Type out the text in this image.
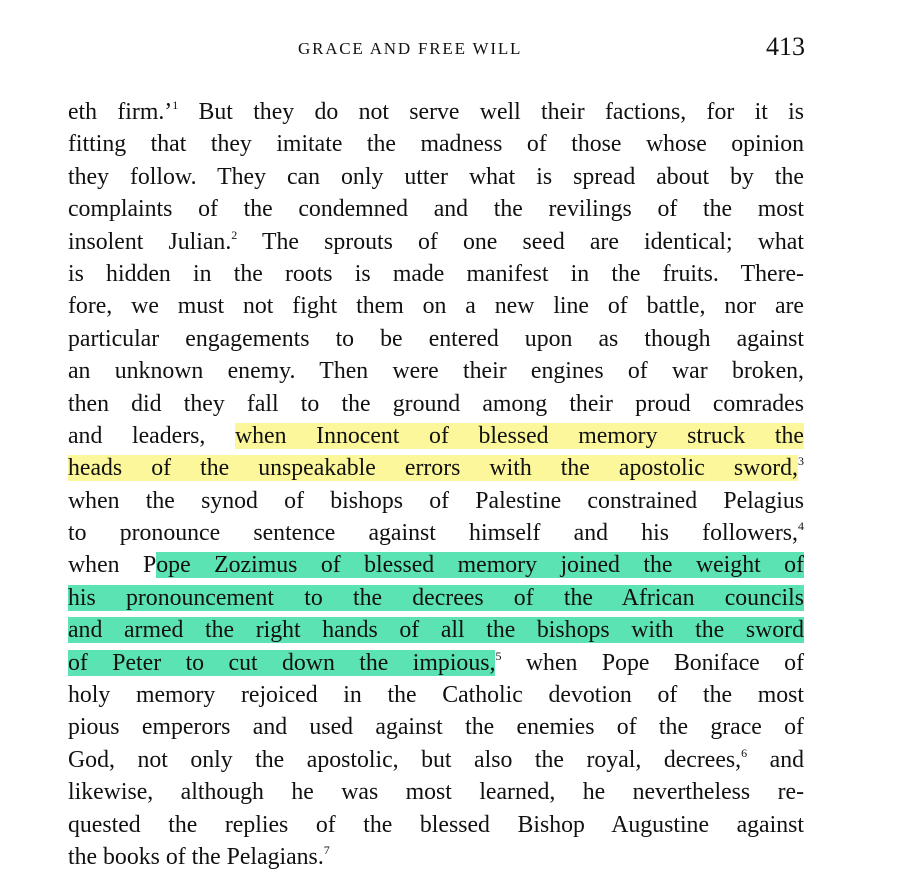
GRACE AND FREE WILL	413
eth firm.’$^1$ But they do not serve well their factions, for it is
fitting that they imitate the madness of those whose opinion
they follow. They can only utter what is spread about by the
complaints of the condemned and the revilings of the most
insolent Julian.$^2$ The sprouts of one seed are identical; what
is hidden in the roots is made manifest in the fruits. There-
fore, we must not fight them on a new line of battle, nor are
particular engagements to be entered upon as though against
an unknown enemy. Then were their engines of war broken,
then did they fall to the ground among their proud comrades
and leaders, when Innocent of blessed memory struck the
heads of the unspeakable errors with the apostolic sword,$^3$
when the synod of bishops of Palestine constrained Pelagius
to pronounce sentence against himself and his followers,$^4$
when Pope Zozimus of blessed memory joined the weight of
his pronouncement to the decrees of the African councils
and armed the right hands of all the bishops with the sword
of Peter to cut down the impious,$^5$ when Pope Boniface of
holy memory rejoiced in the Catholic devotion of the most
pious emperors and used against the enemies of the grace of
God, not only the apostolic, but also the royal, decrees,$^6$ and
likewise, although he was most learned, he nevertheless re-
quested the replies of the blessed Bishop Augustine against
the books of the Pelagians.$^7$
